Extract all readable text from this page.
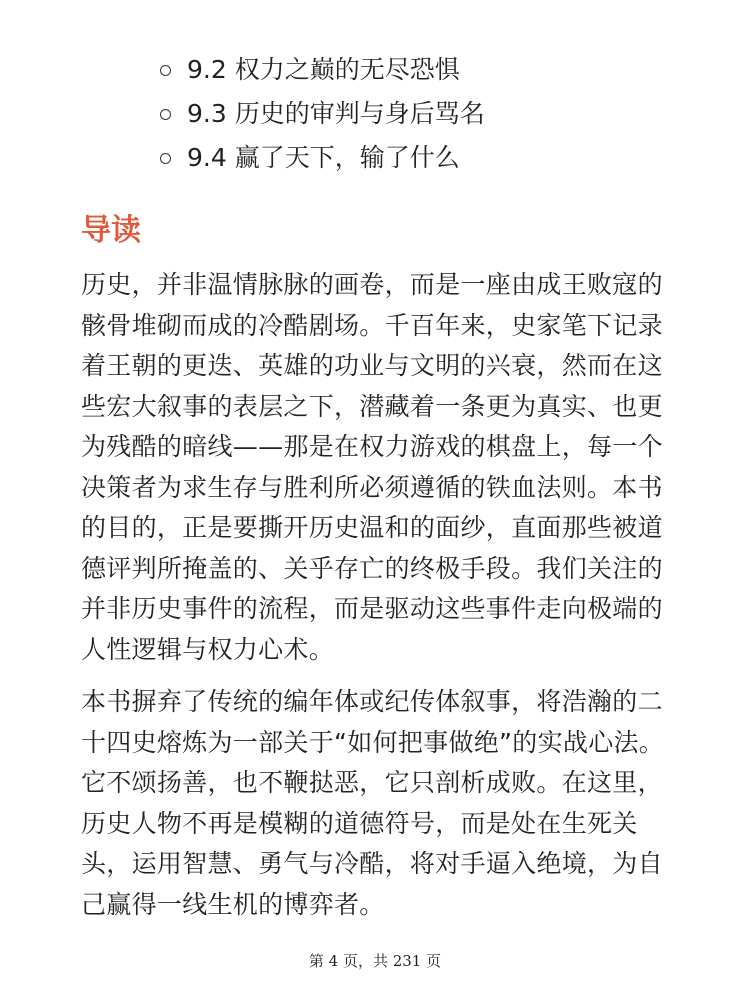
9.2 权力之巅的无尽恐惧
9.3 历史的审判与身后骂名
9.4 赢了天下，输了什么
导读

历史，并非温情脉脉的画卷，而是一座由成王败寇的骸骨堆砌而成的冷酷剧场。千百年来，史家笔下记录着王朝的更迭、英雄的功业与文明的兴衰，然而在这些宏大叙事的表层之下，潜藏着一条更为真实、也更为残酷的暗线——那是在权力游戏的棋盘上，每一个决策者为求生存与胜利所必须遵循的铁血法则。本书的目的，正是要撕开历史温和的面纱，直面那些被道德评判所掩盖的、关乎存亡的终极手段。我们关注的并非历史事件的流程，而是驱动这些事件走向极端的人性逻辑与权力心术。

本书摒弃了传统的编年体或纪传体叙事，将浩瀚的二十四史熔炼为一部关于“如何把事做绝”的实战心法。它不颂扬善，也不鞭挞恶，它只剖析成败。在这里，历史人物不再是模糊的道德符号，而是处在生死关头，运用智慧、勇气与冷酷，将对手逼入绝境，为自己赢得一线生机的博弈者。

第 4 页，共 231 页
